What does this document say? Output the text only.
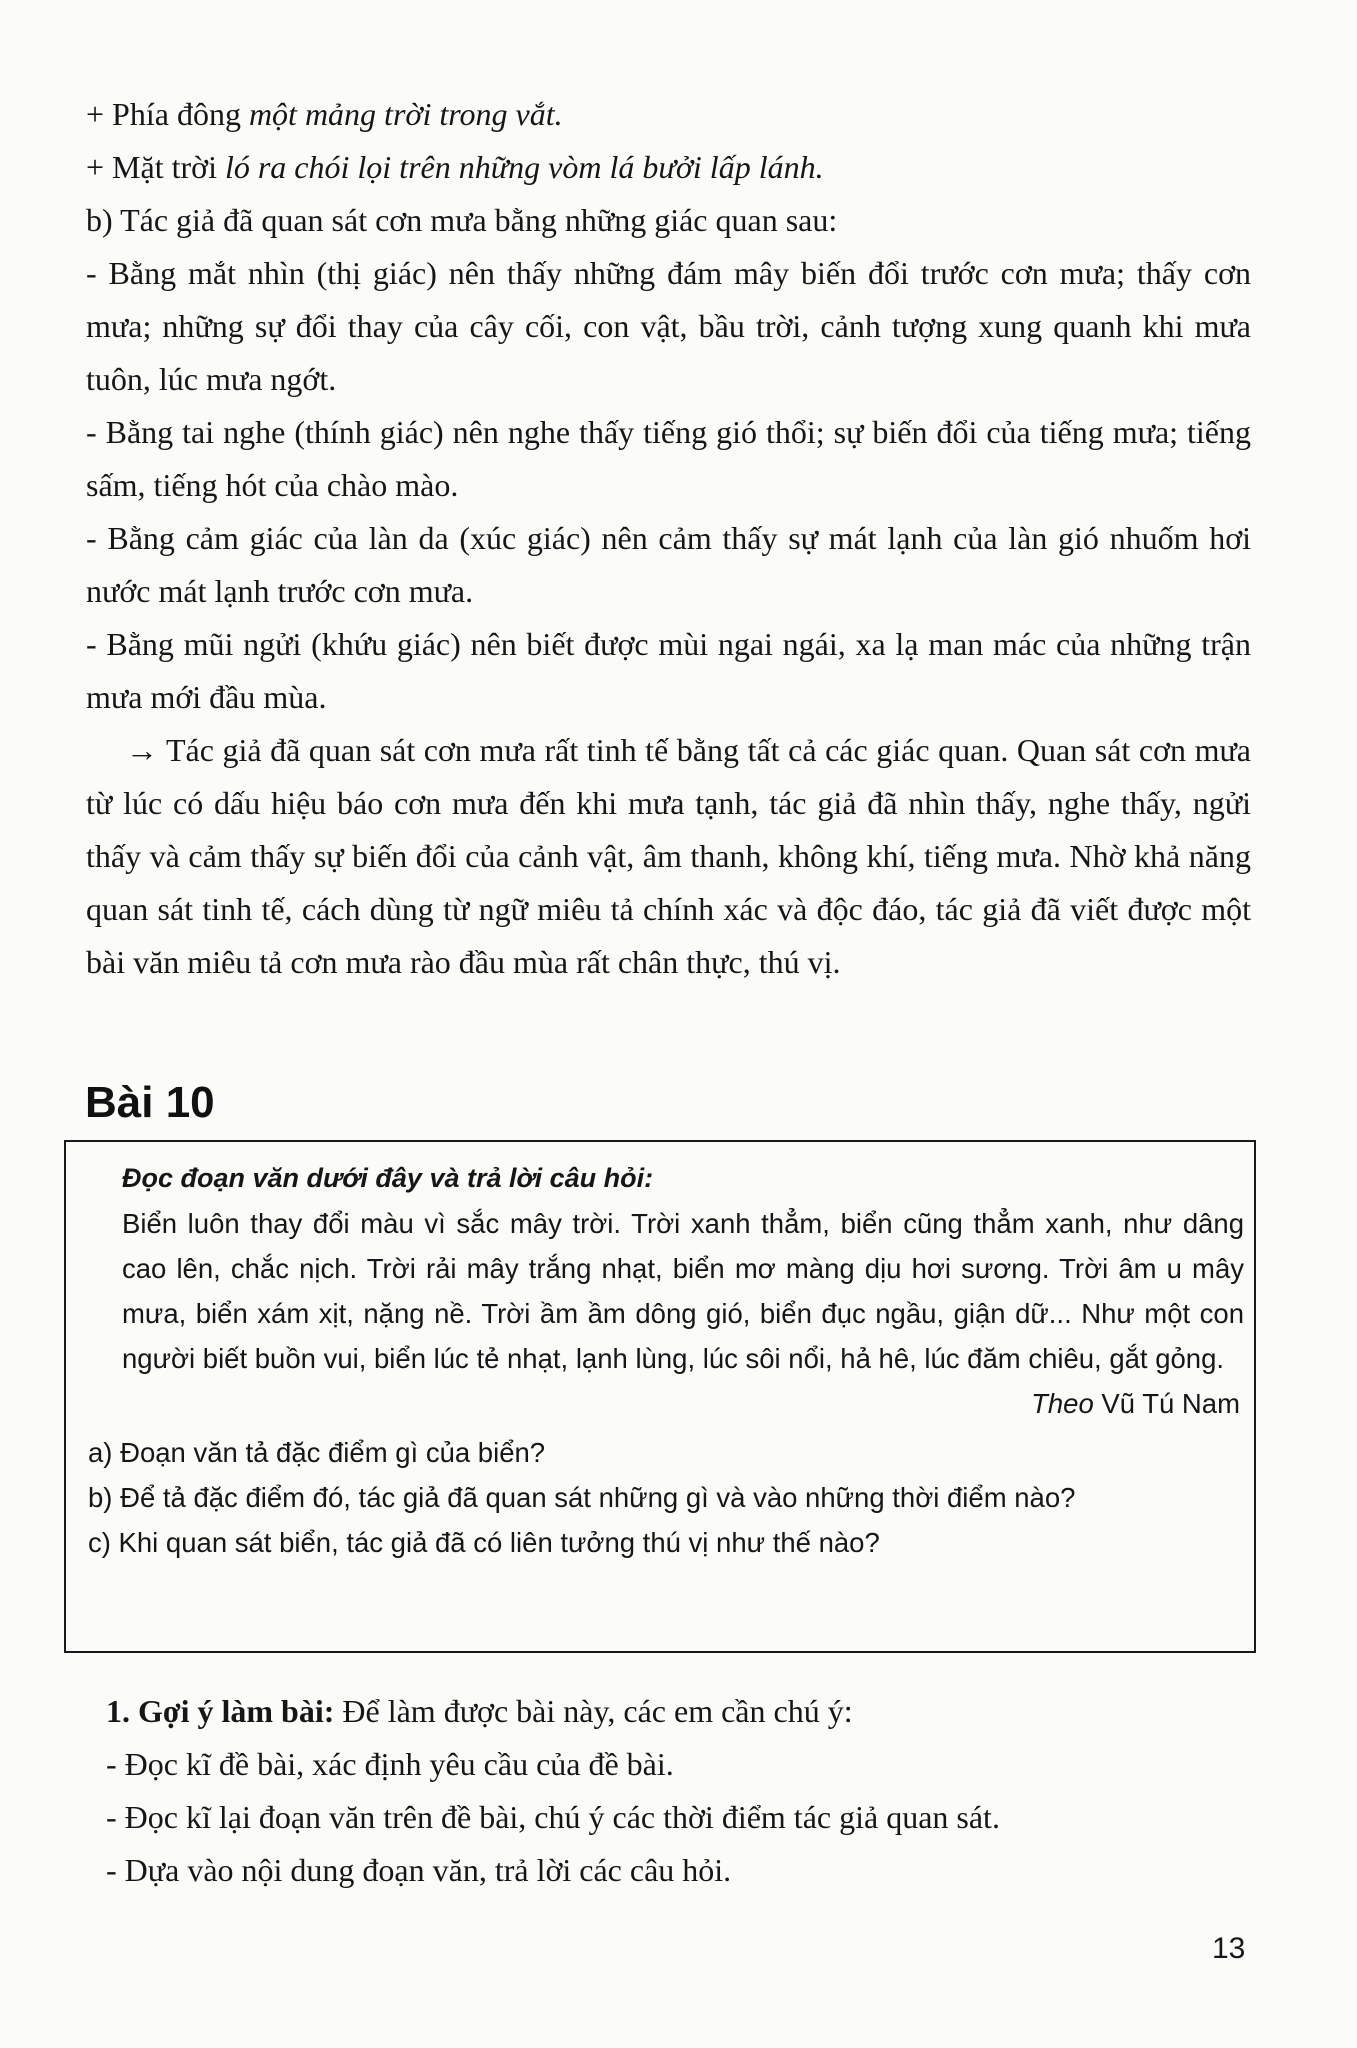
+ Phía đông một mảng trời trong vắt.
+ Mặt trời ló ra chói lọi trên những vòm lá bưởi lấp lánh.
b) Tác giả đã quan sát cơn mưa bằng những giác quan sau:
- Bằng mắt nhìn (thị giác) nên thấy những đám mây biến đổi trước cơn mưa; thấy cơn mưa; những sự đổi thay của cây cối, con vật, bầu trời, cảnh tượng xung quanh khi mưa tuôn, lúc mưa ngớt.
- Bằng tai nghe (thính giác) nên nghe thấy tiếng gió thổi; sự biến đổi của tiếng mưa; tiếng sấm, tiếng hót của chào mào.
- Bằng cảm giác của làn da (xúc giác) nên cảm thấy sự mát lạnh của làn gió nhuốm hơi nước mát lạnh trước cơn mưa.
- Bằng mũi ngửi (khứu giác) nên biết được mùi ngai ngái, xa lạ man mác của những trận mưa mới đầu mùa.
→ Tác giả đã quan sát cơn mưa rất tinh tế bằng tất cả các giác quan. Quan sát cơn mưa từ lúc có dấu hiệu báo cơn mưa đến khi mưa tạnh, tác giả đã nhìn thấy, nghe thấy, ngửi thấy và cảm thấy sự biến đổi của cảnh vật, âm thanh, không khí, tiếng mưa. Nhờ khả năng quan sát tinh tế, cách dùng từ ngữ miêu tả chính xác và độc đáo, tác giả đã viết được một bài văn miêu tả cơn mưa rào đầu mùa rất chân thực, thú vị.
Bài 10
Đọc đoạn văn dưới đây và trả lời câu hỏi:
Biển luôn thay đổi màu vì sắc mây trời. Trời xanh thẳm, biển cũng thẳm xanh, như dâng cao lên, chắc nịch. Trời rải mây trắng nhạt, biển mơ màng dịu hơi sương. Trời âm u mây mưa, biển xám xịt, nặng nề. Trời ầm ầm dông gió, biển đục ngầu, giận dữ... Như một con người biết buồn vui, biển lúc tẻ nhạt, lạnh lùng, lúc sôi nổi, hả hê, lúc đăm chiêu, gắt gỏng.
Theo Vũ Tú Nam
a) Đoạn văn tả đặc điểm gì của biển?
b) Để tả đặc điểm đó, tác giả đã quan sát những gì và vào những thời điểm nào?
c) Khi quan sát biển, tác giả đã có liên tưởng thú vị như thế nào?
1. Gợi ý làm bài: Để làm được bài này, các em cần chú ý:
- Đọc kĩ đề bài, xác định yêu cầu của đề bài.
- Đọc kĩ lại đoạn văn trên đề bài, chú ý các thời điểm tác giả quan sát.
- Dựa vào nội dung đoạn văn, trả lời các câu hỏi.
13
